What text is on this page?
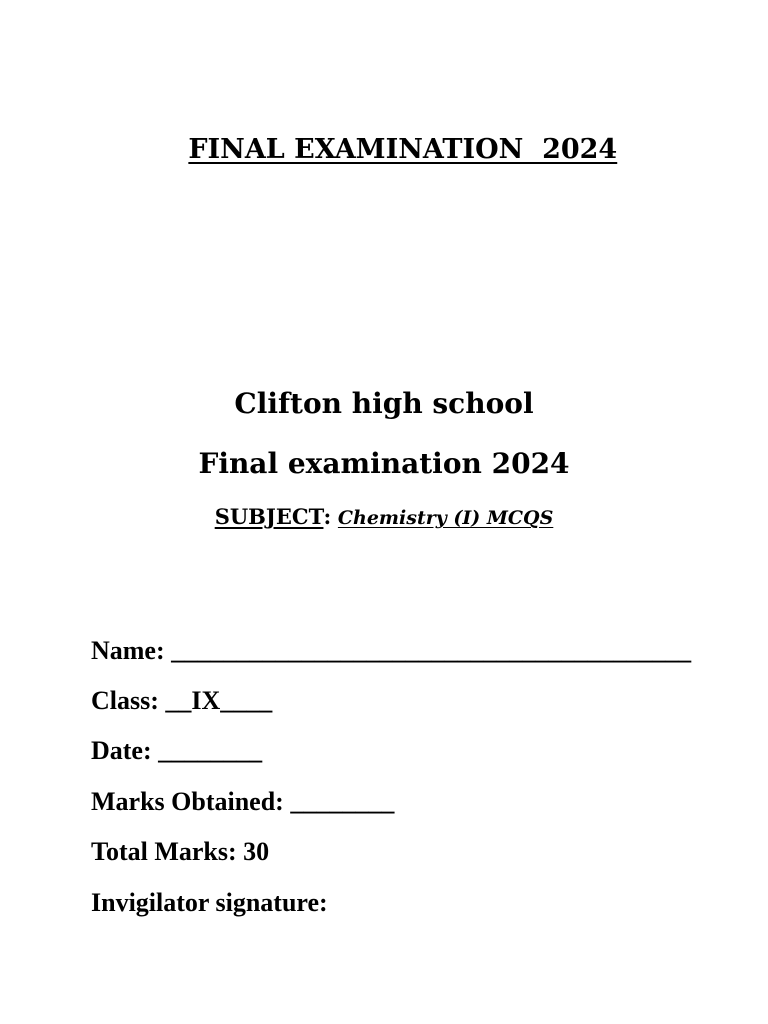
FINAL EXAMINATION  2024

Clifton high school
Final examination 2024
SUBJECT: Chemistry (I) MCQS
Name: ________________________________________
Class: __IX____
Date: ________
Marks Obtained: ________
Total Marks: 30
Invigilator signature:
